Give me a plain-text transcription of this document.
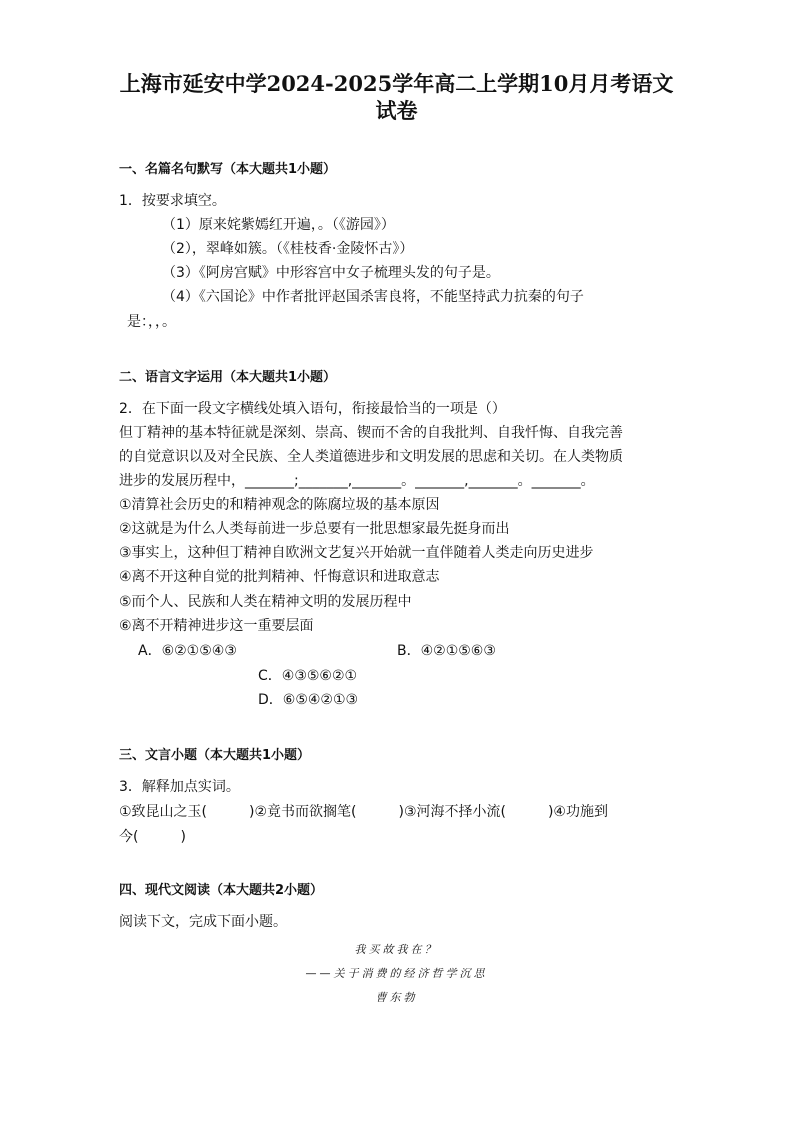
上海市延安中学2024-2025学年高二上学期10月月考语文
试卷
一、名篇名句默写（本大题共1小题）
1．按要求填空。
（1）原来姹紫嫣红开遍，。（《游园》）
（2），翠峰如簇。（《桂枝香·金陵怀古》）
（3）《阿房宫赋》中形容宫中女子梳理头发的句子是。
（4）《六国论》中作者批评赵国杀害良将，不能坚持武力抗秦的句子
是：，，。
二、语言文字运用（本大题共1小题）
2．在下面一段文字横线处填入语句，衔接最恰当的一项是（）
但丁精神的基本特征就是深刻、崇高、锲而不舍的自我批判、自我忏悔、自我完善
的自觉意识以及对全民族、全人类道德进步和文明发展的思虑和关切。在人类物质
进步的发展历程中，_______;_______,_______。_______,_______。_______。
①清算社会历史的和精神观念的陈腐垃圾的基本原因
②这就是为什么人类每前进一步总要有一批思想家最先挺身而出
③事实上，这种但丁精神自欧洲文艺复兴开始就一直伴随着人类走向历史进步
④离不开这种自觉的批判精神、忏悔意识和进取意志
⑤而个人、民族和人类在精神文明的发展历程中
⑥离不开精神进步这一重要层面
A．⑥②①⑤④③	B．④②①⑤⑥③
C．④③⑤⑥②①
D．⑥⑤④②①③
三、文言小题（本大题共1小题）
3．解释加点实词。
①致昆山之玉(　　　)②竟书而欲搁笔(　　　)③河海不择小流(　　　)④功施到
今(　　　)
四、现代文阅读（本大题共2小题）
阅读下文，完成下面小题。
我买故我在？
——关于消费的经济哲学沉思
曹东勃
